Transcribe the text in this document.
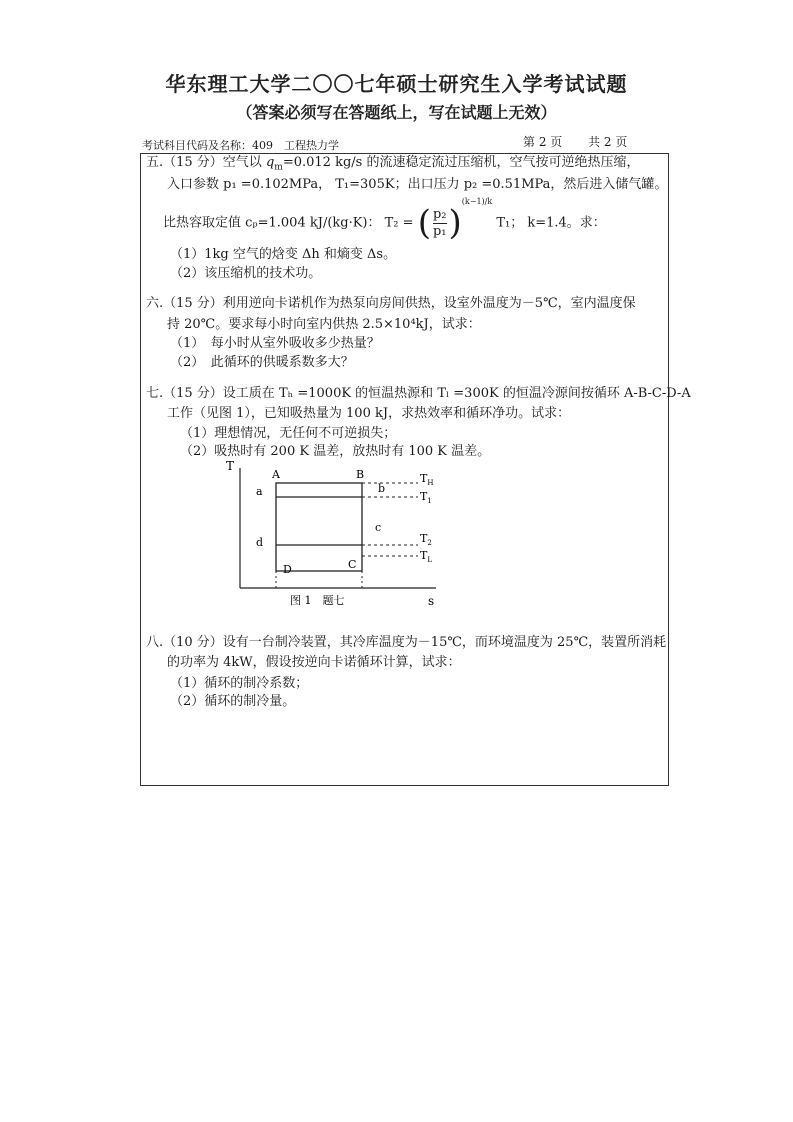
华东理工大学二〇〇七年硕士研究生入学考试试题
（答案必须写在答题纸上，写在试题上无效）
考试科目代码及名称：409　工程热力学	第 2 页 共 2 页
五.（15 分）空气以 $q_m=0.012$ kg/s 的流速稳定流过压缩机，空气按可逆绝热压缩，
入口参数 p₁ =0.102MPa， T₁=305K；出口压力 p₂ =0.51MPa，然后进入储气罐。
比热容取定值 cₚ=1.004 kJ/(kg·K)： T₂ = ( $\frac{\text{p₂}}{\text{p₁}} )^{(k-1)/k}$ T₁； k=1.4。求：
（1）1kg 空气的焓变 Δh 和熵变 Δs。
（2）该压缩机的技术功。
六.（15 分）利用逆向卡诺机作为热泵向房间供热，设室外温度为－5℃，室内温度保
持 20℃。要求每小时向室内供热 2.5×10⁴kJ，试求：
（1）　每小时从室外吸收多少热量？
（2）　此循环的供暖系数多大？
七.（15 分）设工质在 Tₕ =1000K 的恒温热源和 Tₗ =300K 的恒温冷源间按循环 A-B-C-D-A
工作（见图 1），已知吸热量为 100 kJ，求热效率和循环净功。试求：
（1）理想情况，无任何不可逆损失；
（2）吸热时有 200 K 温差，放热时有 100 K 温差。
T
s
A	B
C
D
a	b
c
d
$T_H$
$T_1$
$T_2$
$T_L$
图 1　题七
八.（10 分）设有一台制冷装置，其冷库温度为－15℃，而环境温度为 25℃，装置所消耗
的功率为 4kW，假设按逆向卡诺循环计算，试求：
（1）循环的制冷系数；
（2）循环的制冷量。
